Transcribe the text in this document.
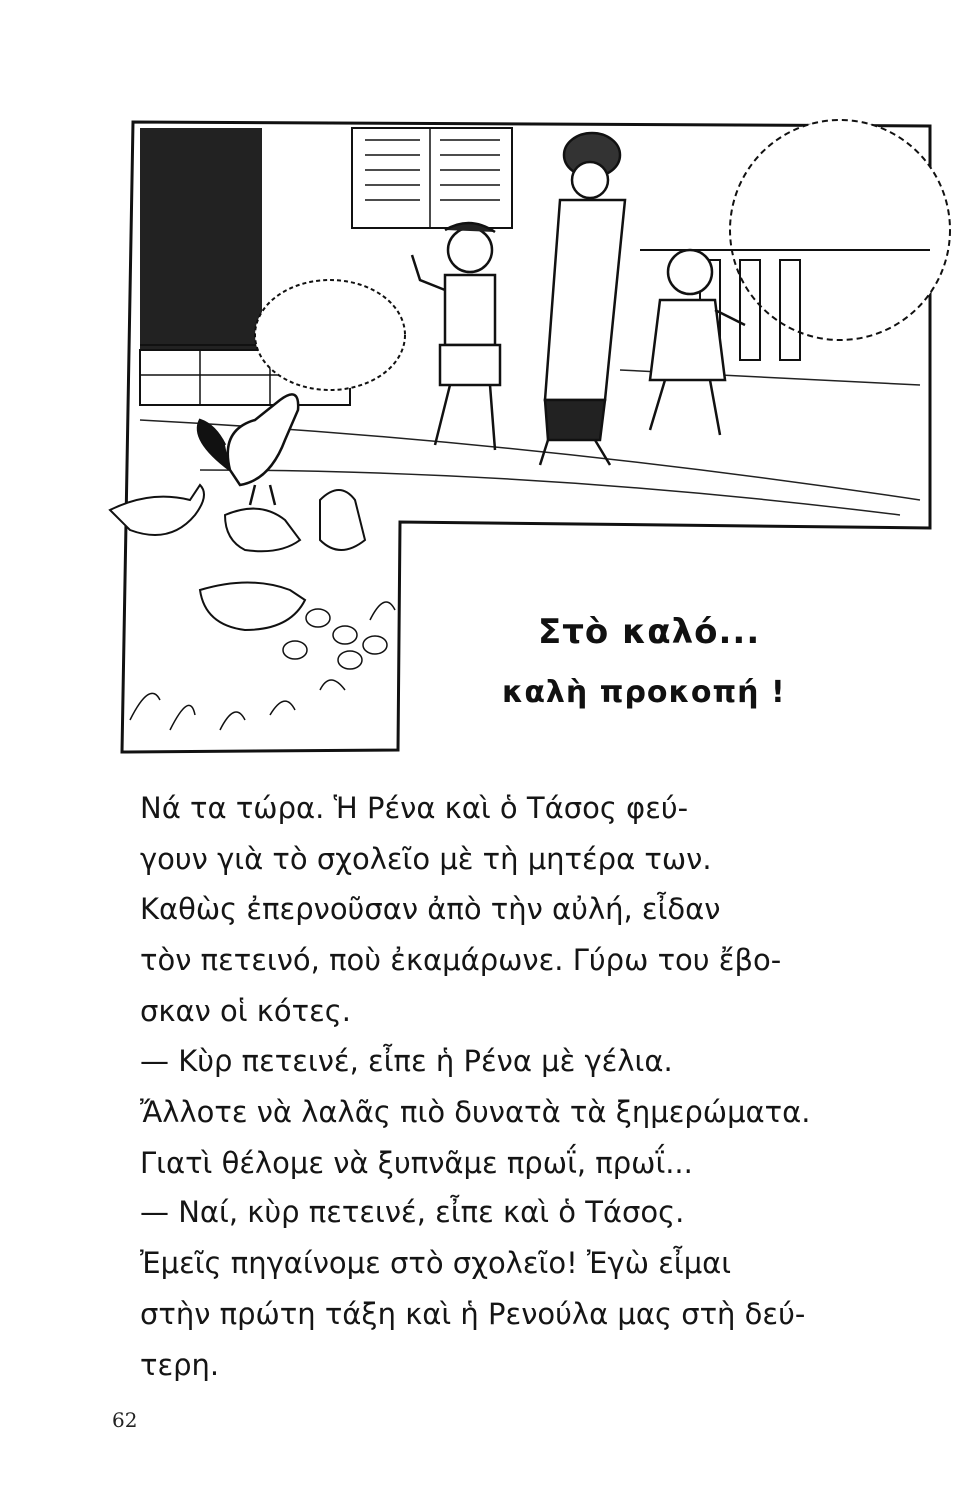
Στὸ καλό...
καλὴ προκοπή !
Νά τα τώρα. Ἡ Ρένα καὶ ὁ Τάσος φεύ-
γουν γιὰ τὸ σχολεῖο μὲ τὴ μητέρα των.
Καθὼς ἐπερνοῦσαν ἀπὸ τὴν αὐλή, εἶδαν
τὸν πετεινό, ποὺ ἐκαμάρωνε. Γύρω του ἔβο-
σκαν οἱ κότες.
— Κὺρ πετεινέ, εἶπε ἡ Ρένα μὲ γέλια.
Ἄλλοτε νὰ λαλᾶς πιὸ δυνατὰ τὰ ξημερώματα.
Γιατὶ θέλομε νὰ ξυπνᾶμε πρωΐ, πρωΐ...
— Ναί, κὺρ πετεινέ, εἶπε καὶ ὁ Τάσος.
Ἐμεῖς πηγαίνομε στὸ σχολεῖο! Ἐγὼ εἶμαι
στὴν πρώτη τάξη καὶ ἡ Ρενούλα μας στὴ δεύ-
τερη.
62
